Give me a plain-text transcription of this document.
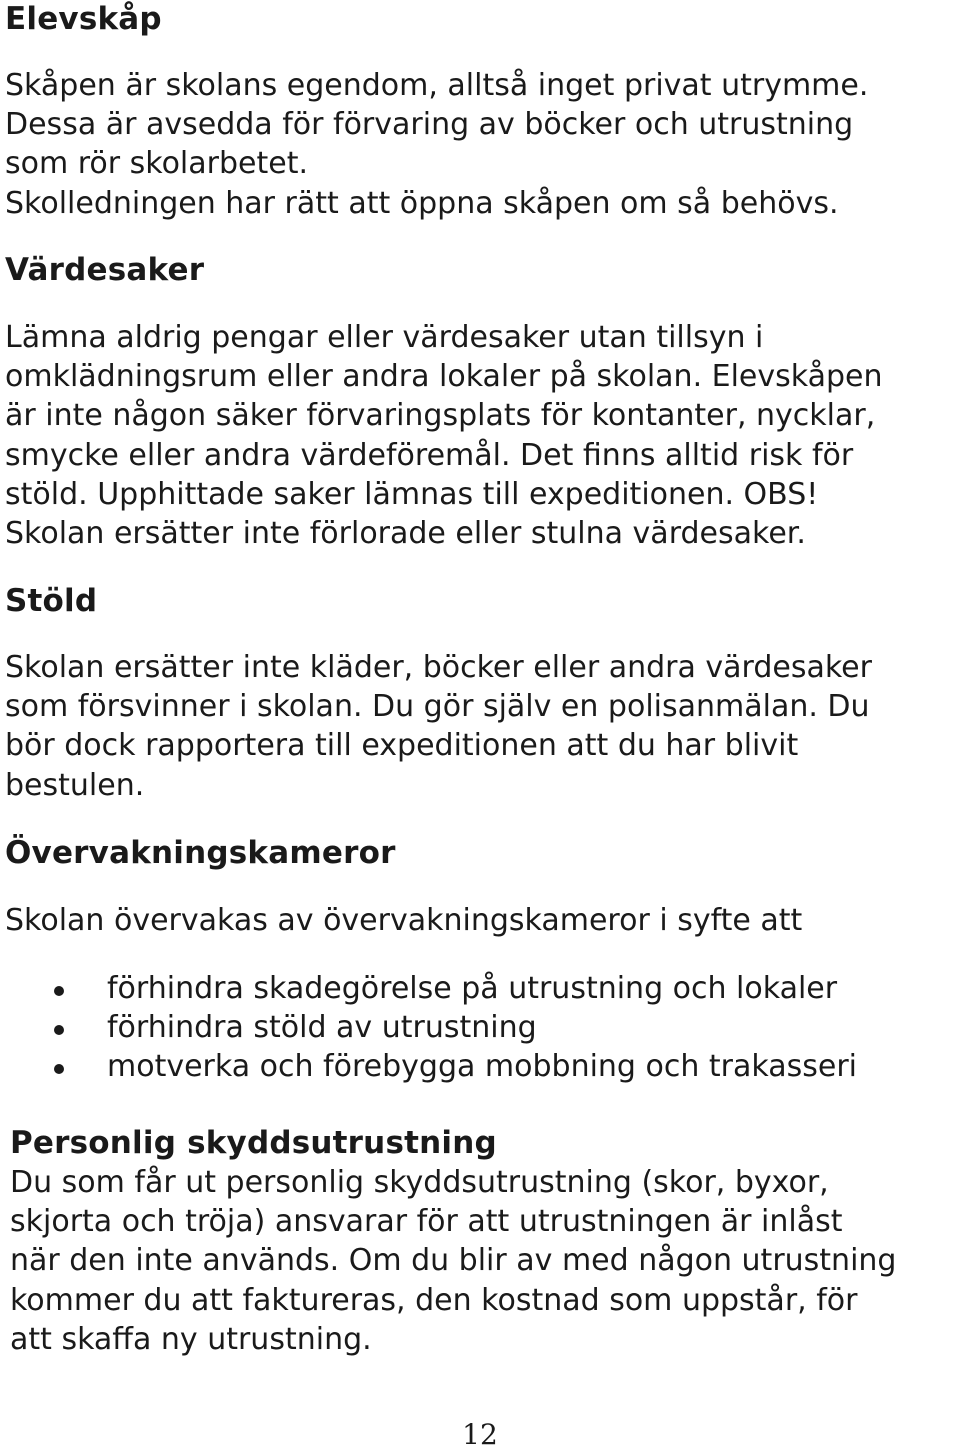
Elevskåp

Skåpen är skolans egendom, alltså inget privat utrymme.
Dessa är avsedda för förvaring av böcker och utrustning
som rör skolarbetet.
Skolledningen har rätt att öppna skåpen om så behövs.

Värdesaker

Lämna aldrig pengar eller värdesaker utan tillsyn i
omklädningsrum eller andra lokaler på skolan. Elevskåpen
är inte någon säker förvaringsplats för kontanter, nycklar,
smycke eller andra värdeföremål. Det finns alltid risk för
stöld. Upphittade saker lämnas till expeditionen. OBS!
Skolan ersätter inte förlorade eller stulna värdesaker.

Stöld

Skolan ersätter inte kläder, böcker eller andra värdesaker
som försvinner i skolan. Du gör själv en polisanmälan. Du
bör dock rapportera till expeditionen att du har blivit
bestulen.

Övervakningskameror

Skolan övervakas av övervakningskameror i syfte att

förhindra skadegörelse på utrustning och lokaler
förhindra stöld av utrustning
motverka och förebygga mobbning och trakasseri
Personlig skyddsutrustning

Du som får ut personlig skyddsutrustning (skor, byxor,
skjorta och tröja) ansvarar för att utrustningen är inlåst
när den inte används. Om du blir av med någon utrustning
kommer du att faktureras, den kostnad som uppstår, för
att skaffa ny utrustning.

12
